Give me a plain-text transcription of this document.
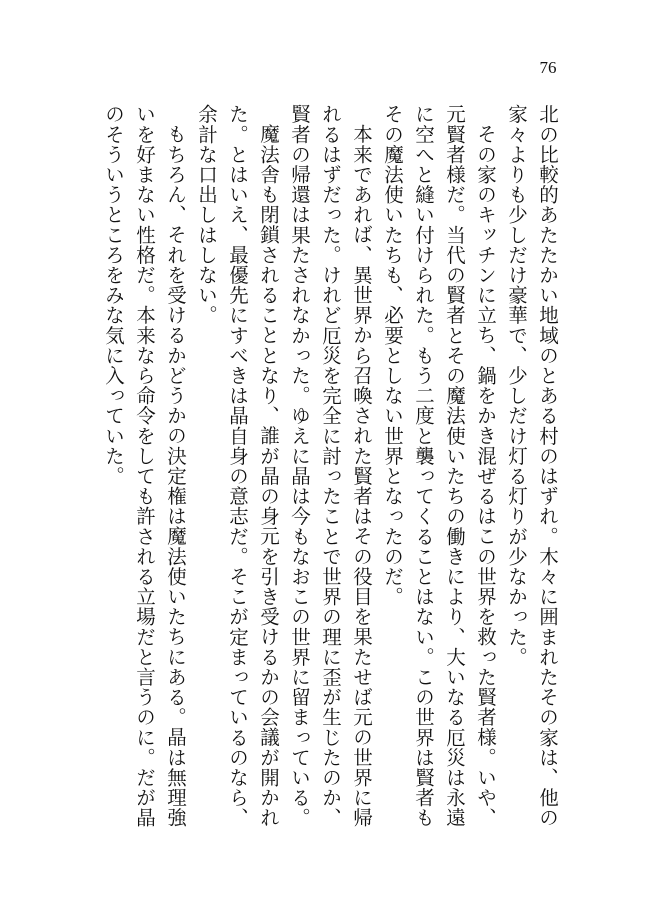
76

北の比較的あたたかい地域のとある村のはずれ。木々に囲まれたその家は、他の家々よりも少しだけ豪華で、少しだけ灯る灯りが少なかった。

その家のキッチンに立ち、鍋をかき混ぜるはこの世界を救った賢者様。いや、元賢者様だ。当代の賢者とその魔法使いたちの働きにより、大いなる厄災は永遠に空へと縫い付けられた。もう二度と襲ってくることはない。この世界は賢者もその魔法使いたちも、必要としない世界となったのだ。

本来であれば、異世界から召喚された賢者はその役目を果たせば元の世界に帰れるはずだった。けれど厄災を完全に討ったことで世界の理に歪が生じたのか、賢者の帰還は果たされなかった。ゆえに晶は今もなおこの世界に留まっている。

魔法舎も閉鎖されることとなり、誰が晶の身元を引き受けるかの会議が開かれた。とはいえ、最優先にすべきは晶自身の意志だ。そこが定まっているのなら、余計な口出しはしない。

もちろん、それを受けるかどうかの決定権は魔法使いたちにある。晶は無理強いを好まない性格だ。本来なら命令をしても許される立場だと言うのに。だが晶のそういうところをみな気に入っていた。
